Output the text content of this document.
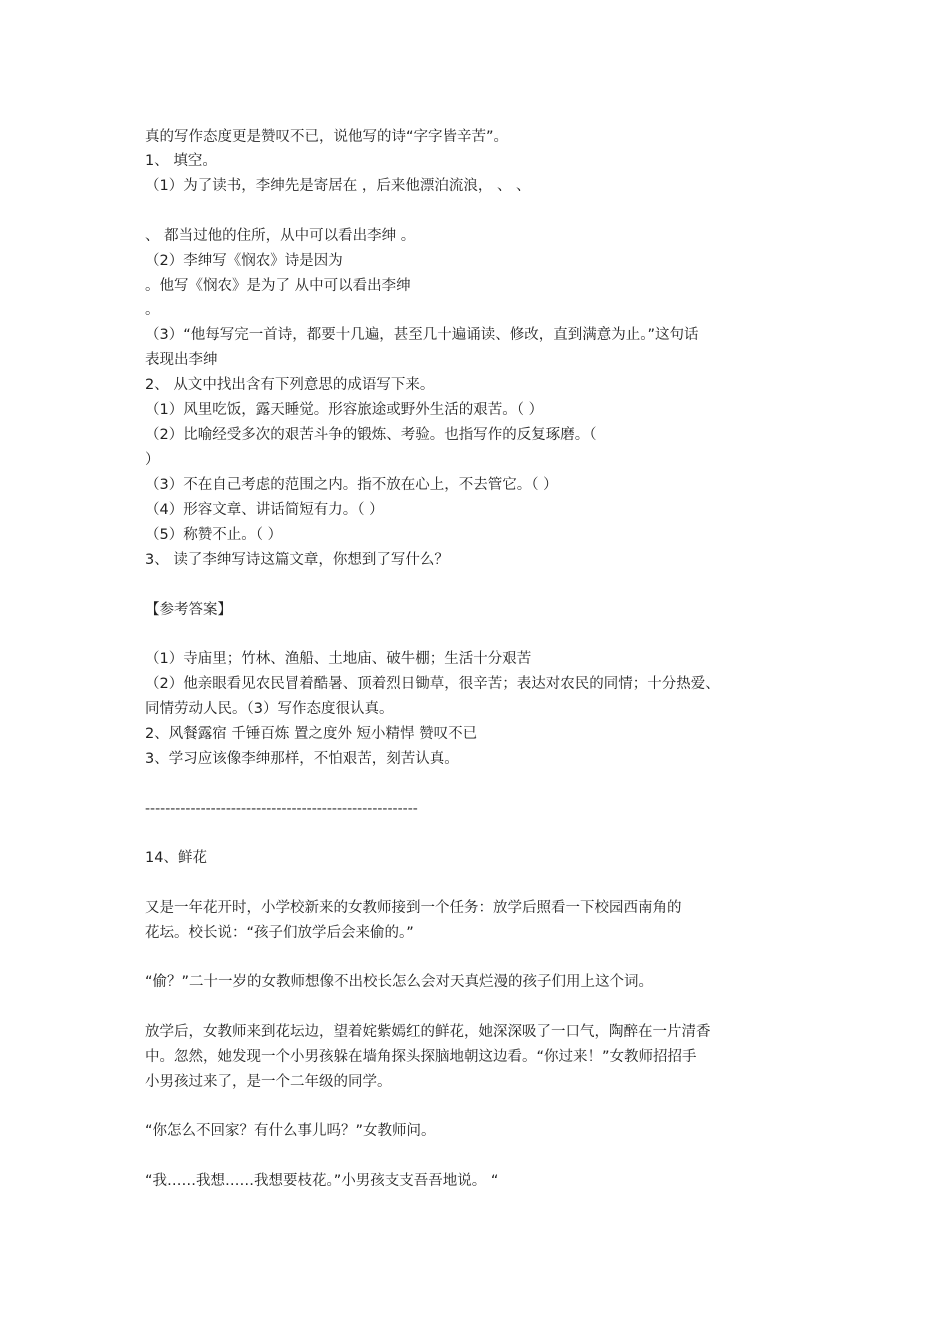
真的写作态度更是赞叹不已，说他写的诗“字字皆辛苦”。

1、 填空。

（1）为了读书，李绅先是寄居在 ，后来他漂泊流浪， 、 、

、 都当过他的住所，从中可以看出李绅 。

（2）李绅写《悯农》诗是因为

。他写《悯农》是为了 从中可以看出李绅

。

（3）“他每写完一首诗，都要十几遍，甚至几十遍诵读、修改，直到满意为止。”这句话

表现出李绅

2、 从文中找出含有下列意思的成语写下来。

（1）风里吃饭，露天睡觉。形容旅途或野外生活的艰苦。（ ）

（2）比喻经受多次的艰苦斗争的锻炼、考验。也指写作的反复琢磨。（

）

（3）不在自己考虑的范围之内。指不放在心上，不去管它。（ ）

（4）形容文章、讲话简短有力。（ ）

（5）称赞不止。（ ）

3、 读了李绅写诗这篇文章，你想到了写什么？

【参考答案】

（1）寺庙里；竹林、渔船、土地庙、破牛棚；生活十分艰苦

（2）他亲眼看见农民冒着酷暑、顶着烈日锄草，很辛苦；表达对农民的同情；十分热爱、

同情劳动人民。（3）写作态度很认真。

2、风餐露宿 千锤百炼 置之度外 短小精悍 赞叹不已

3、学习应该像李绅那样，不怕艰苦，刻苦认真。

------------------------------------------------------

14、鲜花

又是一年花开时，小学校新来的女教师接到一个任务：放学后照看一下校园西南角的

花坛。校长说：“孩子们放学后会来偷的。”

“偷？”二十一岁的女教师想像不出校长怎么会对天真烂漫的孩子们用上这个词。

放学后，女教师来到花坛边，望着姹紫嫣红的鲜花，她深深吸了一口气，陶醉在一片清香

中。忽然，她发现一个小男孩躲在墙角探头探脑地朝这边看。“你过来！”女教师招招手

小男孩过来了，是一个二年级的同学。

“你怎么不回家？有什么事儿吗？”女教师问。

“我……我想……我想要枝花。”小男孩支支吾吾地说。 “
